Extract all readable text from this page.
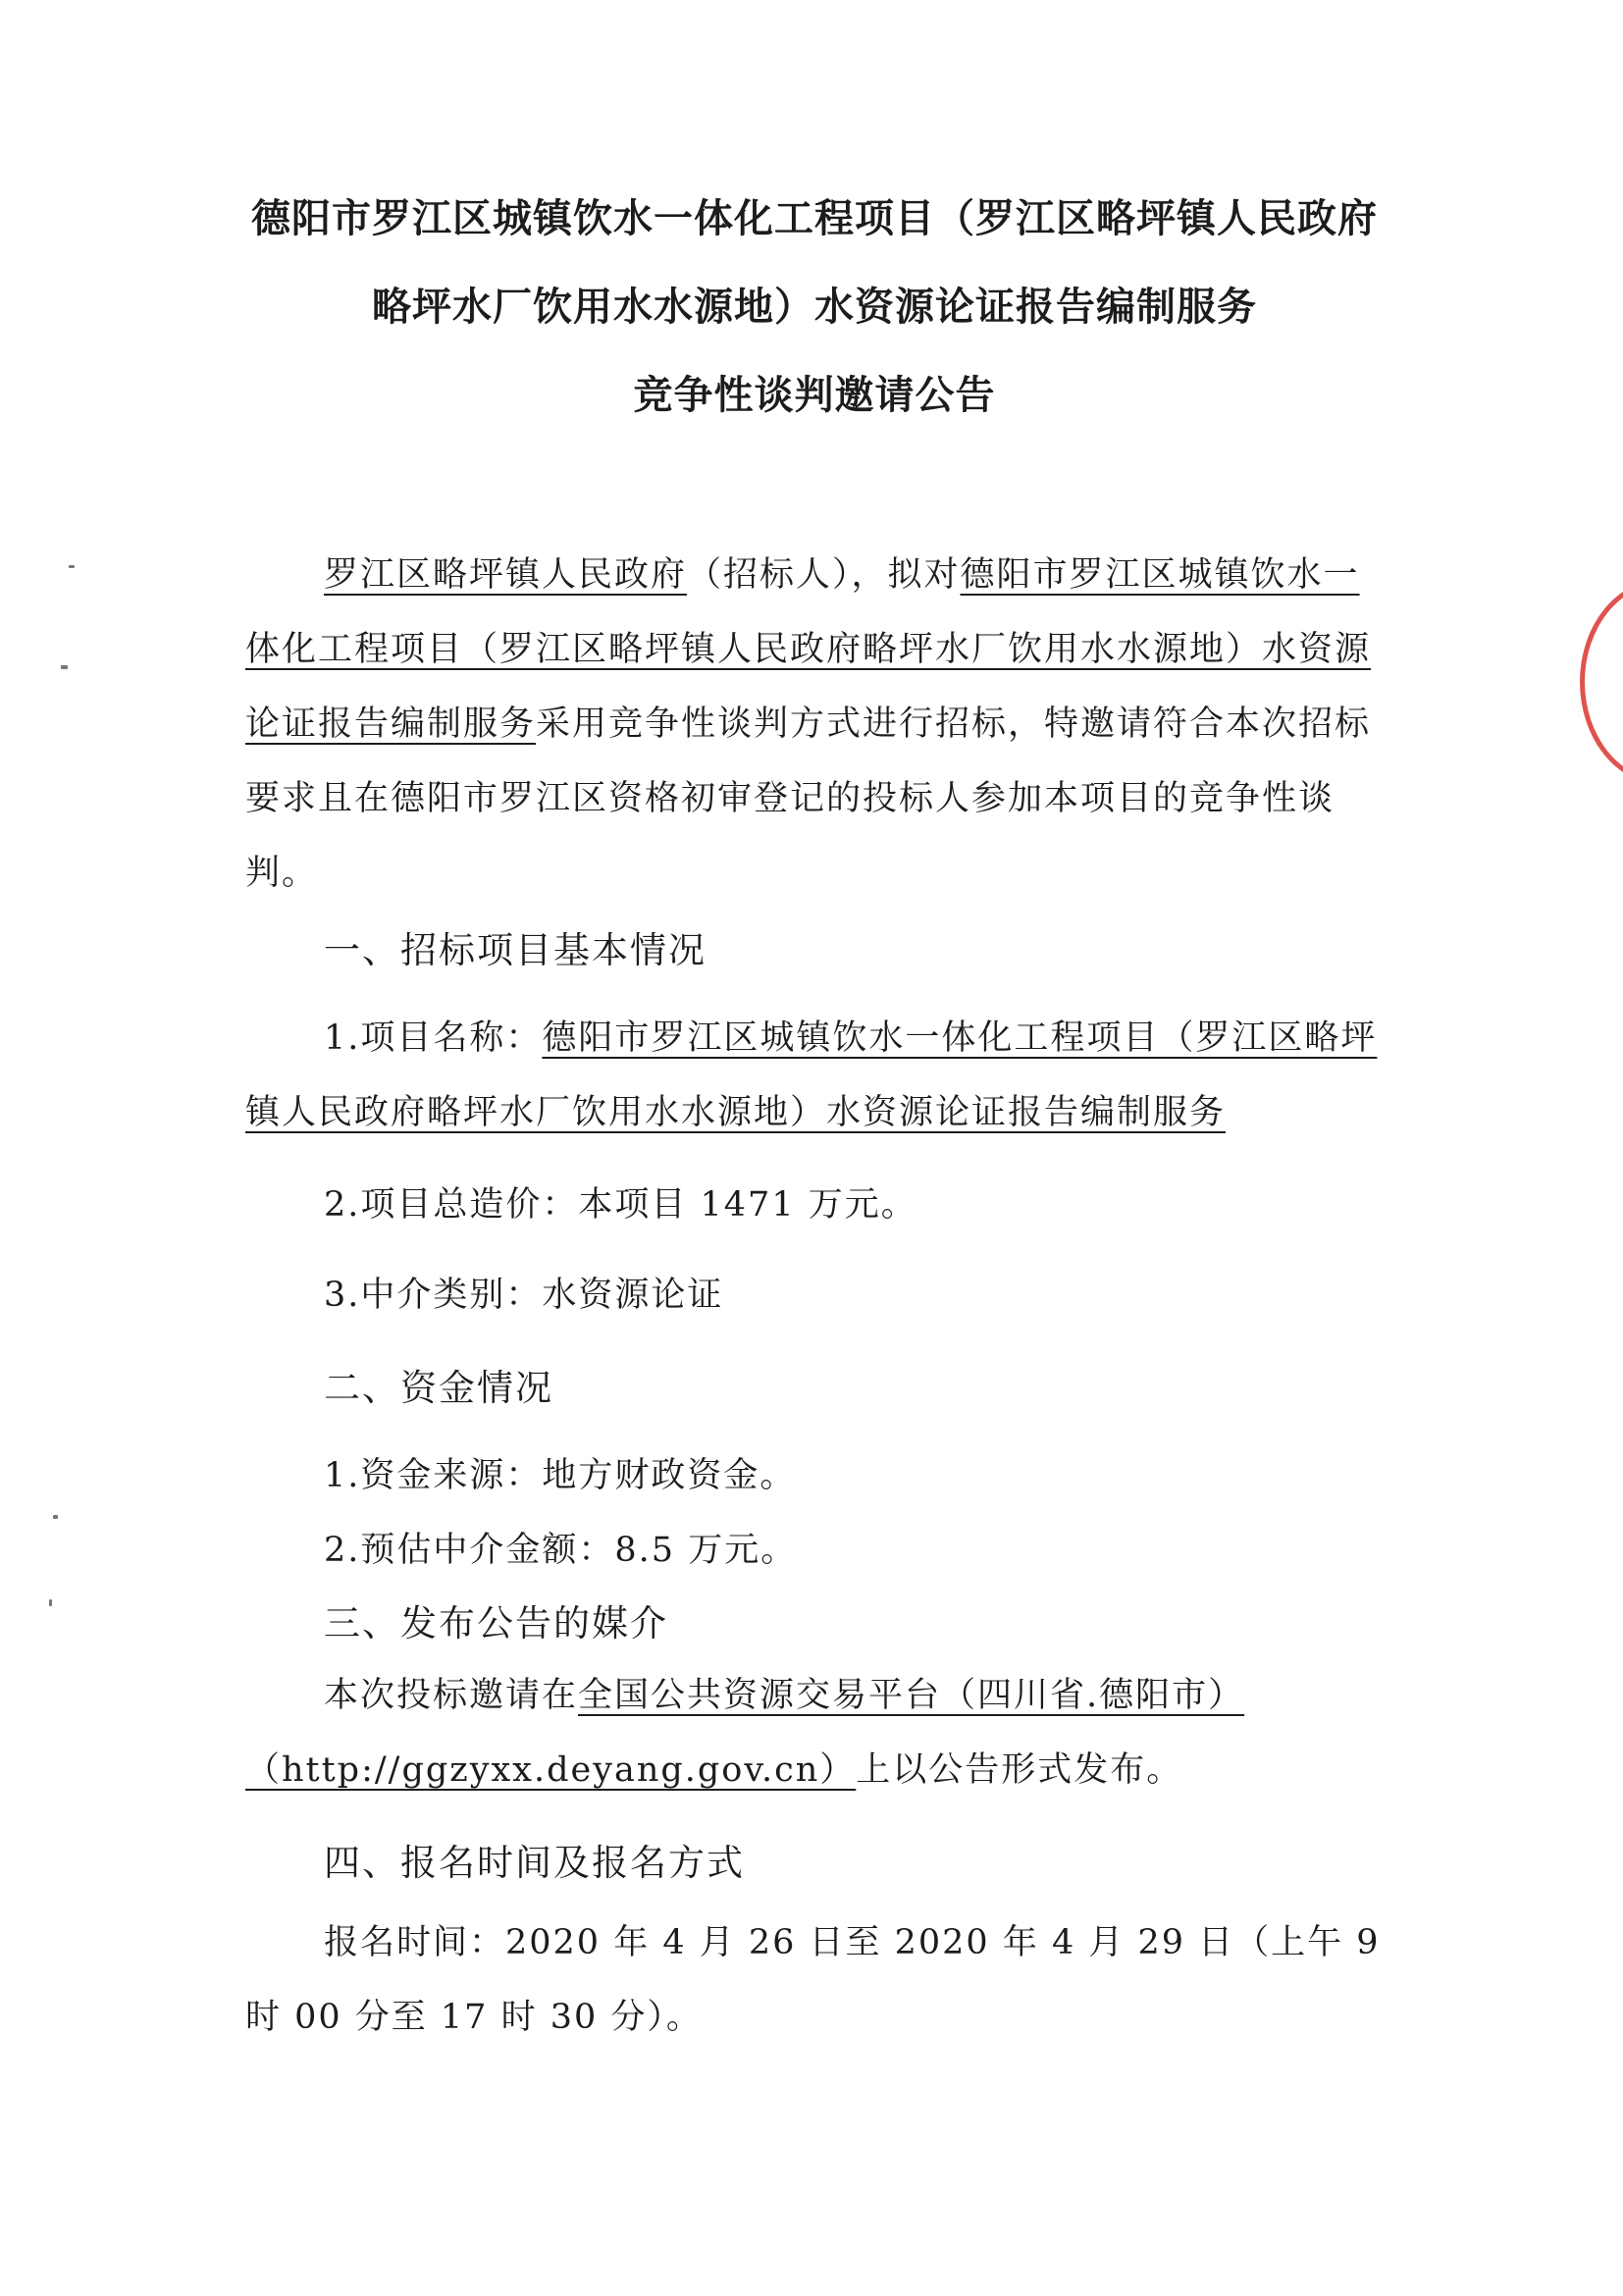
德阳市罗江区城镇饮水一体化工程项目（罗江区略坪镇人民政府
略坪水厂饮用水水源地）水资源论证报告编制服务
竞争性谈判邀请公告

罗江区略坪镇人民政府（招标人），拟对德阳市罗江区城镇饮水一体化工程项目（罗江区略坪镇人民政府略坪水厂饮用水水源地）水资源论证报告编制服务采用竞争性谈判方式进行招标，特邀请符合本次招标要求且在德阳市罗江区资格初审登记的投标人参加本项目的竞争性谈判。

一、招标项目基本情况

1.项目名称：德阳市罗江区城镇饮水一体化工程项目（罗江区略坪镇人民政府略坪水厂饮用水水源地）水资源论证报告编制服务

2.项目总造价：本项目 1471 万元。
3.中介类别：水资源论证
二、资金情况
1.资金来源：地方财政资金。
2.预估中介金额：8.5 万元。
三、发布公告的媒介

本次投标邀请在全国公共资源交易平台（四川省.德阳市）（http://ggzyxx.deyang.gov.cn）上以公告形式发布。

四、报名时间及报名方式

报名时间：2020 年 4 月 26 日至 2020 年 4 月 29 日（上午 9 时 00 分至 17 时 30 分）。
